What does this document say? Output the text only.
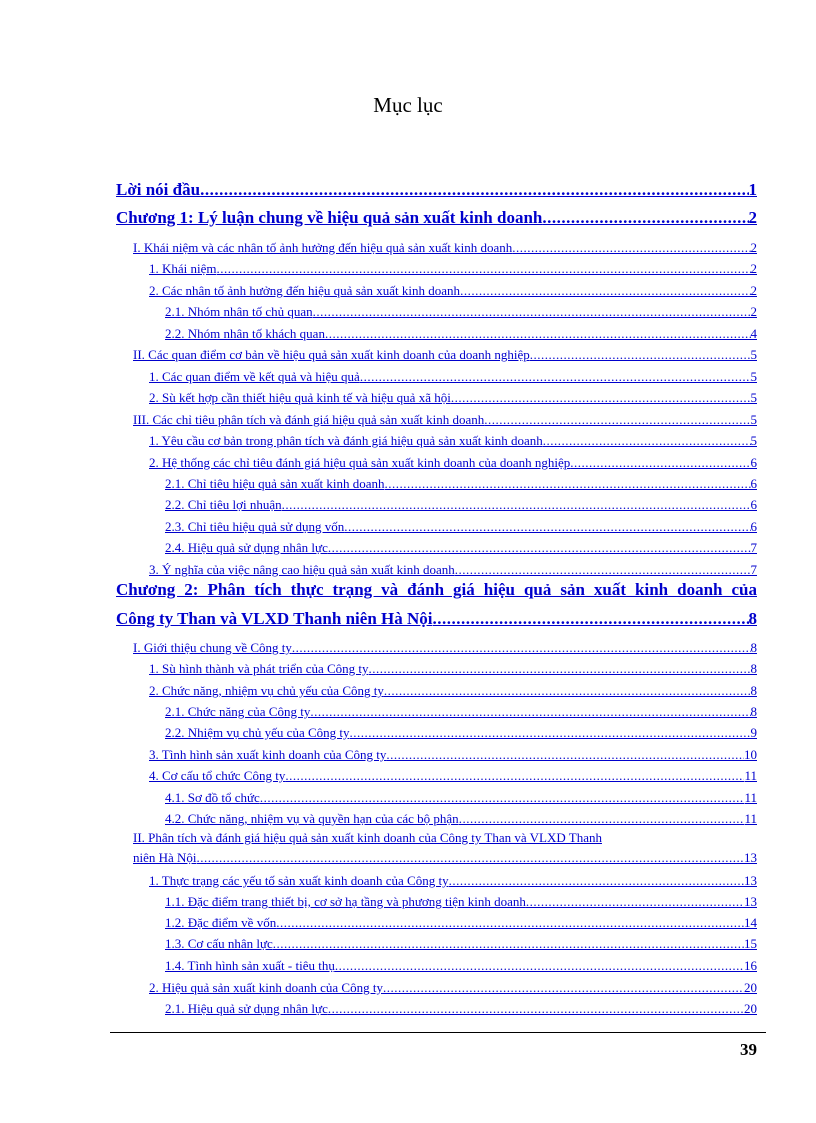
Mục lục
Lời nói đầu .....	1
Chương 1: Lý luận chung về hiệu quả sản xuất kinh doanh .....	2
I. Khái niệm và các nhân tố ảnh hưởng đến hiệu quả sản xuất kinh doanh .....	2
1. Khái niệm .....	2
2. Các nhân tố ảnh hưởng đến hiệu quả sản xuất kinh doanh .....	2
2.1. Nhóm nhân tố chủ quan .....	2
2.2. Nhóm nhân tố khách quan .....	4
II. Các quan điểm cơ bản về hiệu quả sản xuất kinh doanh của doanh nghiệp .....	5
1. Các quan điểm về kết quả và hiệu quả .....	5
2. Sù kết hợp cần thiết hiệu quả kinh tế và hiệu quả xã hội .....	5
III. Các chỉ tiêu phân tích và đánh giá hiệu quả sản xuất kinh doanh .....	5
1. Yêu cầu cơ bản trong phân tích và đánh giá hiệu quả sản xuất kinh doanh .....	5
2. Hệ thống các chỉ tiêu đánh giá hiệu quả sản xuất kinh doanh của doanh nghiệp .....	6
2.1. Chỉ tiêu hiệu quả sản xuất kinh doanh .....	6
2.2. Chỉ tiêu lợi nhuận .....	6
2.3. Chỉ tiêu hiệu quả sử dụng vốn .....	6
2.4. Hiệu quả sử dụng nhân lực .....	7
3. Ý nghĩa của việc nâng cao hiệu quả sản xuất kinh doanh .....	7
Chương 2: Phân tích thực trạng và đánh giá hiệu quả sản xuất kinh doanh của
Công ty Than và VLXD Thanh niên Hà Nội .....	8
I. Giới thiệu chung về Công ty .....	8
1. Sù hình thành và phát triển của Công ty .....	8
2. Chức năng, nhiệm vụ chủ yếu của Công ty .....	8
2.1. Chức năng của Công ty .....	8
2.2. Nhiệm vụ chủ yếu của Công ty .....	9
3. Tình hình sản xuất kinh doanh của Công ty .....	10
4. Cơ cấu tổ chức Công ty .....	11
4.1. Sơ đồ tổ chức .....	11
4.2. Chức năng, nhiệm vụ và quyền hạn của các bộ phận .....	11
II. Phân tích và đánh giá hiệu quả sản xuất kinh doanh của Công ty Than và VLXD Thanh
niên Hà Nội .....	13
1. Thực trạng các yếu tố sản xuất kinh doanh của Công ty .....	13
1.1. Đặc điểm trang thiết bị, cơ sở hạ tầng và phương tiện kinh doanh .....	13
1.2. Đặc điểm về vốn .....	14
1.3. Cơ cấu nhân lực .....	15
1.4. Tình hình sản xuất - tiêu thụ .....	16
2. Hiệu quả sản xuất kinh doanh của Công ty .....	20
2.1. Hiệu quả sử dụng nhân lực .....	20
39
